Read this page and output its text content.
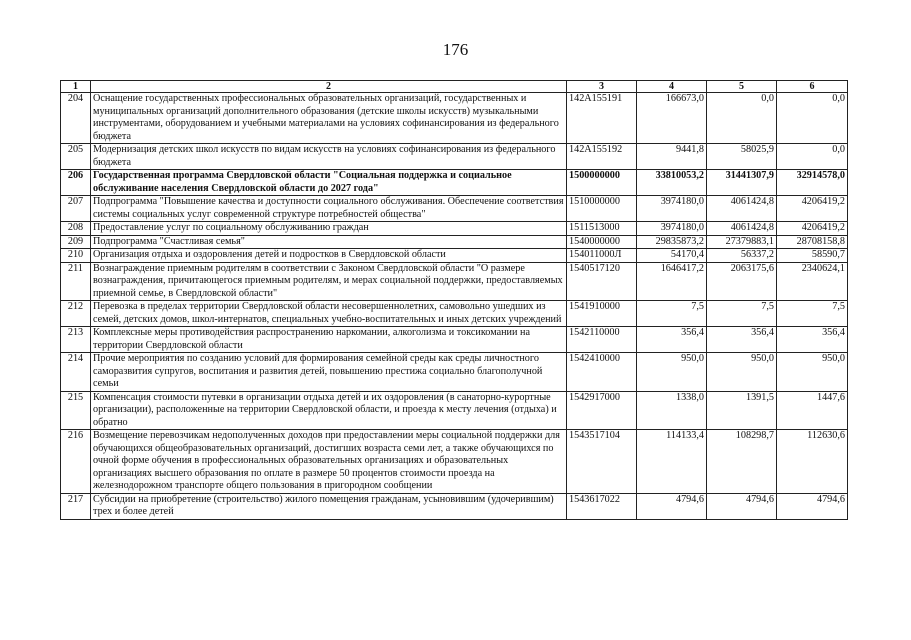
176
1	2	3	4	5	6
204	Оснащение государственных профессиональных образовательных организаций, государственных и муниципальных организаций дополнительного образования (детские школы искусств) музыкальными инструментами, оборудованием и учебными материалами на условиях софинансирования из федерального бюджета	142А155191	166673,0	0,0	0,0
205	Модернизация детских школ искусств по видам искусств на условиях софинансирования из федерального бюджета	142А155192	9441,8	58025,9	0,0
206	Государственная программа Свердловской области "Социальная поддержка и социальное обслуживание населения Свердловской области до 2027 года"	1500000000	33810053,2	31441307,9	32914578,0
207	Подпрограмма "Повышение качества и доступности социального обслуживания. Обеспечение соответствия системы социальных услуг современной структуре потребностей общества"	1510000000	3974180,0	4061424,8	4206419,2
208	Предоставление услуг по социальному обслуживанию граждан	1511513000	3974180,0	4061424,8	4206419,2
209	Подпрограмма "Счастливая семья"	1540000000	29835873,2	27379883,1	28708158,8
210	Организация отдыха и оздоровления детей и подростков в Свердловской области	154011000Л	54170,4	56337,2	58590,7
211	Вознаграждение приемным родителям в соответствии с Законом Свердловской области "О размере вознаграждения, причитающегося приемным родителям, и мерах социальной поддержки, предоставляемых приемной семье, в Свердловской области"	1540517120	1646417,2	2063175,6	2340624,1
212	Перевозка в пределах территории Свердловской области несовершеннолетних, самовольно ушедших из семей, детских домов, школ-интернатов, специальных учебно-воспитательных и иных детских учреждений	1541910000	7,5	7,5	7,5
213	Комплексные меры противодействия распространению наркомании, алкоголизма и токсикомании на территории Свердловской области	1542110000	356,4	356,4	356,4
214	Прочие мероприятия по созданию условий для формирования семейной среды как среды личностного саморазвития супругов, воспитания и развития детей, повышению престижа социально благополучной семьи	1542410000	950,0	950,0	950,0
215	Компенсация стоимости путевки в организации отдыха детей и их оздоровления (в санаторно-курортные организации), расположенные на территории Свердловской области, и проезда к месту лечения (отдыха) и обратно	1542917000	1338,0	1391,5	1447,6
216	Возмещение перевозчикам недополученных доходов при предоставлении меры социальной поддержки для обучающихся общеобразовательных организаций, достигших возраста семи лет, а также обучающихся по очной форме обучения в профессиональных образовательных организациях и образовательных организациях высшего образования по оплате в размере 50 процентов стоимости проезда на железнодорожном транспорте общего пользования в пригородном сообщении	1543517104	114133,4	108298,7	112630,6
217	Субсидии на приобретение (строительство) жилого помещения гражданам, усыновившим (удочерившим) трех и более детей	1543617022	4794,6	4794,6	4794,6
